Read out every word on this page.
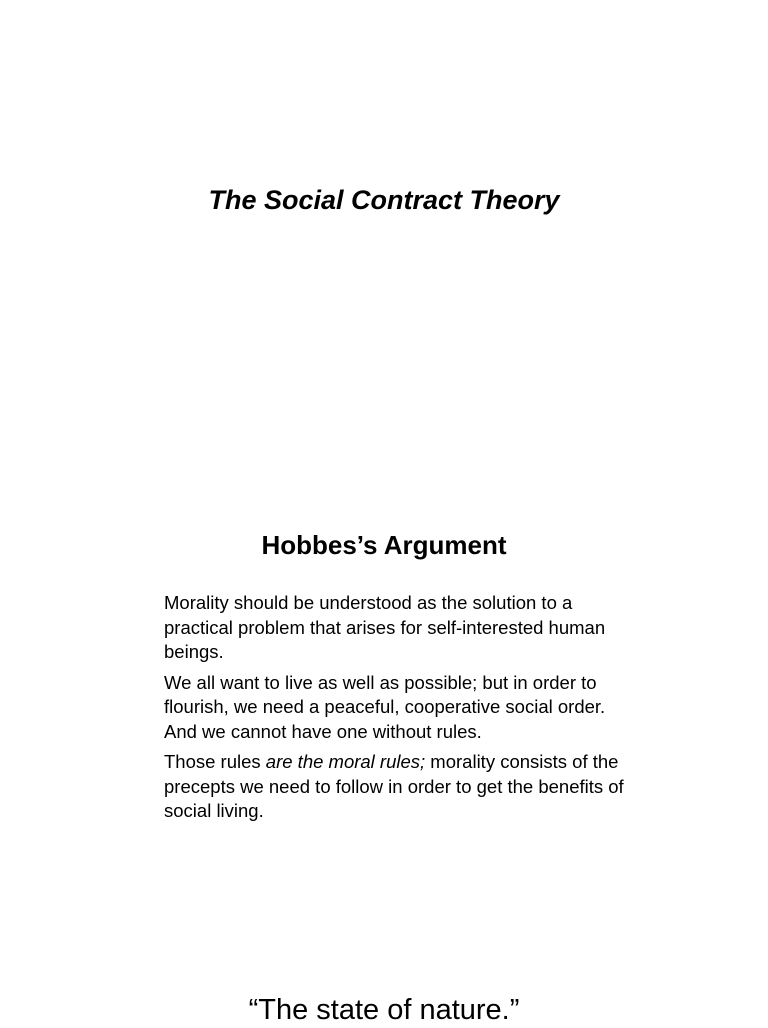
The Social Contract Theory
Hobbes’s Argument

Morality should be understood as the solution to a practical problem that arises for self-interested human beings.

We all want to live as well as possible; but in order to flourish, we need a peaceful, cooperative social order. And we cannot have one without rules.

Those rules are the moral rules; morality consists of the precepts we need to follow in order to get the benefits of social living.

“The state of nature.”
